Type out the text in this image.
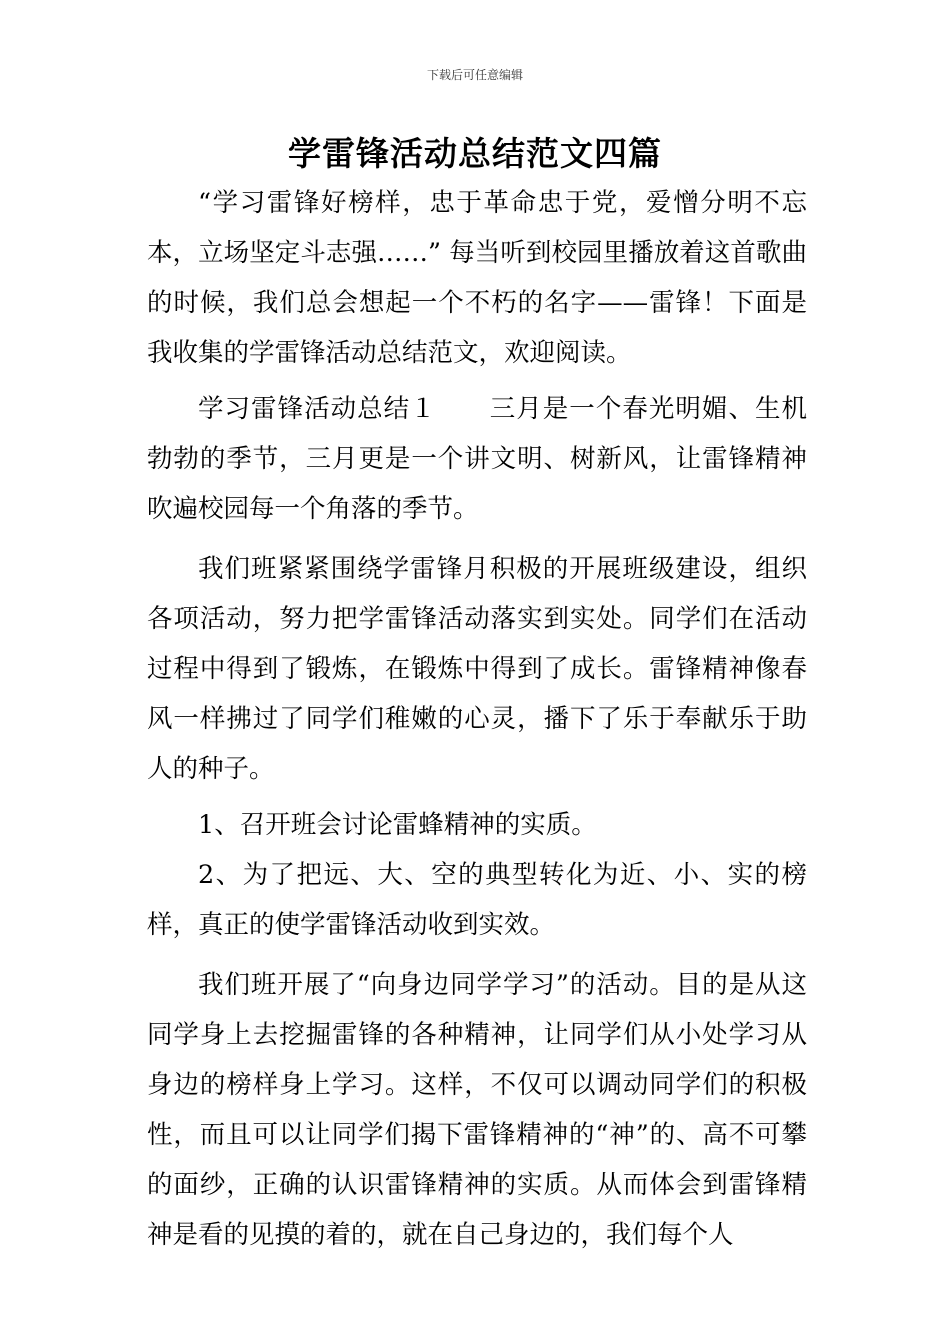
下载后可任意编辑
学雷锋活动总结范文四篇

“学习雷锋好榜样，忠于革命忠于党，爱憎分明不忘本，立场坚定斗志强……” 每当听到校园里播放着这首歌曲的时候，我们总会想起一个不朽的名字——雷锋！下面是我收集的学雷锋活动总结范文，欢迎阅读。

学习雷锋活动总结１　　三月是一个春光明媚、生机勃勃的季节，三月更是一个讲文明、树新风，让雷锋精神吹遍校园每一个角落的季节。

我们班紧紧围绕学雷锋月积极的开展班级建设，组织各项活动，努力把学雷锋活动落实到实处。同学们在活动过程中得到了锻炼，在锻炼中得到了成长。雷锋精神像春风一样拂过了同学们稚嫩的心灵，播下了乐于奉献乐于助人的种子。

1、召开班会讨论雷蜂精神的实质。

2、为了把远、大、空的典型转化为近、小、实的榜样，真正的使学雷锋活动收到实效。

我们班开展了“向身边同学学习”的活动。目的是从这同学身上去挖掘雷锋的各种精神，让同学们从小处学习从身边的榜样身上学习。这样，不仅可以调动同学们的积极性，而且可以让同学们揭下雷锋精神的“神”的、高不可攀的面纱，正确的认识雷锋精神的实质。从而体会到雷锋精神是看的见摸的着的，就在自己身边的，我们每个人
